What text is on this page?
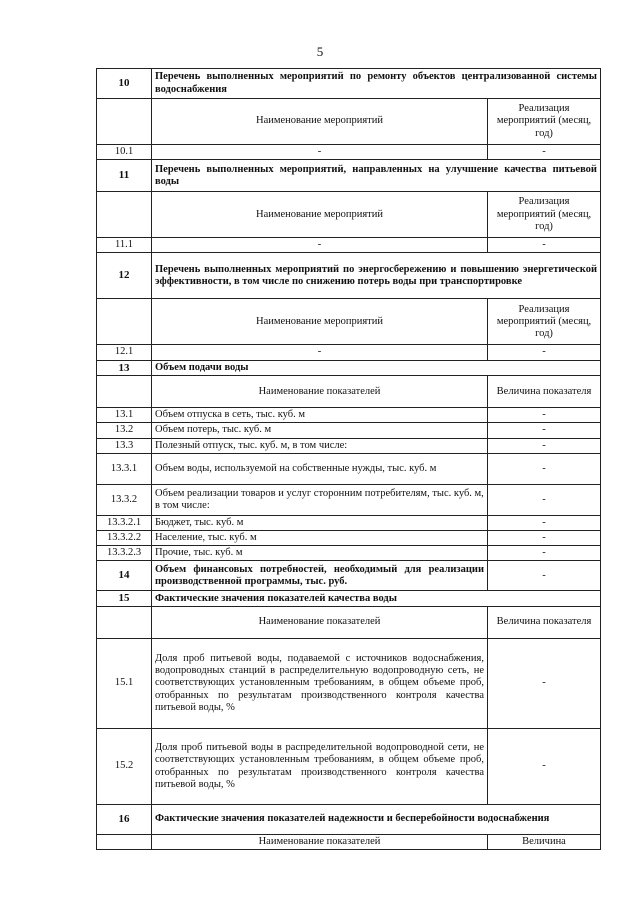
5
10	Перечень выполненных мероприятий по ремонту объектов централизованной системы водоснабжения	
	Наименование мероприятий	Реализация мероприятий (месяц, год)
10.1	-	-
11	Перечень выполненных мероприятий, направленных на улучшение качества питьевой воды	
	Наименование мероприятий	Реализация мероприятий (месяц, год)
11.1	-	-
12	Перечень выполненных мероприятий по энергосбережению и повышению энергетической эффективности, в том числе по снижению потерь воды при транспортировке	
	Наименование мероприятий	Реализация мероприятий (месяц, год)
12.1	-	-
13	Объем подачи воды	
	Наименование показателей	Величина показателя
13.1	Объем отпуска в сеть, тыс. куб. м	-
13.2	Объем потерь, тыс. куб. м	-
13.3	Полезный отпуск, тыс. куб. м, в том числе:	-
13.3.1	Объем воды, используемой на собственные нужды, тыс. куб. м	-
13.3.2	Объем реализации товаров и услуг сторонним потребителям, тыс. куб. м, в том числе:	-
13.3.2.1	Бюджет, тыс. куб. м	-
13.3.2.2	Население, тыс. куб. м	-
13.3.2.3	Прочие, тыс. куб. м	-
14	Объем финансовых потребностей, необходимый для реализации производственной программы, тыс. руб.	-
15	Фактические значения показателей качества воды	
	Наименование показателей	Величина показателя
15.1	Доля проб питьевой воды, подаваемой с источников водоснабжения, водопроводных станций в распределительную водопроводную сеть, не соответствующих установленным требованиям, в общем объеме проб, отобранных по результатам производственного контроля качества питьевой воды, %	-
15.2	Доля проб питьевой воды в распределительной водопроводной сети, не соответствующих установленным требованиям, в общем объеме проб, отобранных по результатам производственного контроля качества питьевой воды, %	-
16	Фактические значения показателей надежности и бесперебойности водоснабжения	
	Наименование показателей	Величина
